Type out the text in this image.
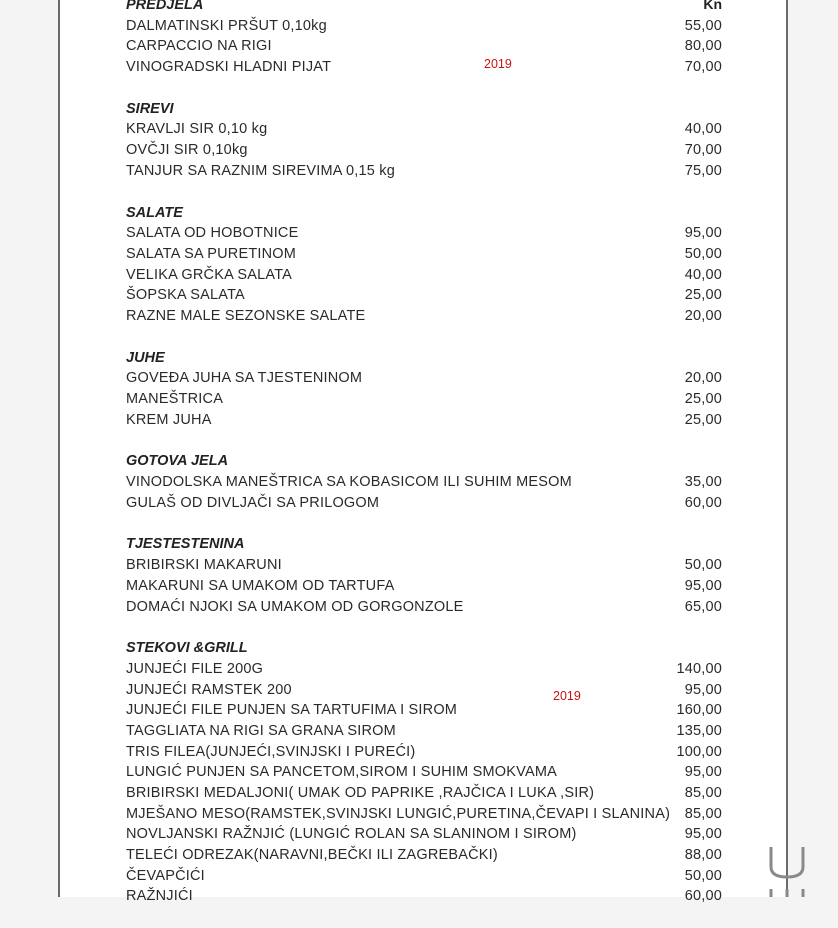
Kn
PREDJELA
DALMATINSKI PRŠUT 0,10kg	55,00
CARPACCIO NA RIGI	80,00
VINOGRADSKI HLADNI PIJAT	70,00
SIREVI
KRAVLJI SIR 0,10 kg	40,00
OVČJI SIR 0,10kg	70,00
TANJUR SA RAZNIM SIREVIMA 0,15 kg	75,00
SALATE
SALATA OD HOBOTNICE	95,00
SALATA SA PURETINOM	50,00
VELIKA GRČKA SALATA	40,00
ŠOPSKA SALATA	25,00
RAZNE MALE SEZONSKE SALATE	20,00
JUHE
GOVEĐA JUHA SA TJESTENINOM	20,00
MANEŠTRICA	25,00
KREM JUHA	25,00
GOTOVA JELA
VINODOLSKA MANEŠTRICA SA KOBASICOM ILI SUHIM MESOM	35,00
GULAŠ OD DIVLJAČI SA PRILOGOM	60,00
TJESTESTENINA
BRIBIRSKI MAKARUNI	50,00
MAKARUNI SA UMAKOM OD TARTUFA	95,00
DOMAĆI NJOKI SA UMAKOM OD GORGONZOLE	65,00
STEKOVI &GRILL
JUNJEĆI FILE 200G	140,00
JUNJEĆI RAMSTEK 200	95,00
JUNJEĆI FILE PUNJEN SA TARTUFIMA I SIROM	160,00
TAGGLIATA NA RIGI SA GRANA SIROM	135,00
TRIS FILEA(JUNJEĆI,SVINJSKI I PUREĆI)	100,00
LUNGIĆ PUNJEN SA PANCETOM,SIROM I SUHIM SMOKVAMA	95,00
BRIBIRSKI MEDALJONI( UMAK OD PAPRIKE ,RAJČICA I LUKA ,SIR)	85,00
MJEŠANO MESO(RAMSTEK,SVINJSKI LUNGIĆ,PURETINA,ČEVAPI I SLANINA) 85,00
NOVLJANSKI RAŽNJIĆ (LUNGIĆ ROLAN SA SLANINOM I SIROM)	95,00
TELEĆI ODREZAK(NARAVNI,BEČKI ILI ZAGREBAČKI)	88,00
ČEVAPČIĆI	50,00
RAŽNJIĆI	60,00
2019
2019
